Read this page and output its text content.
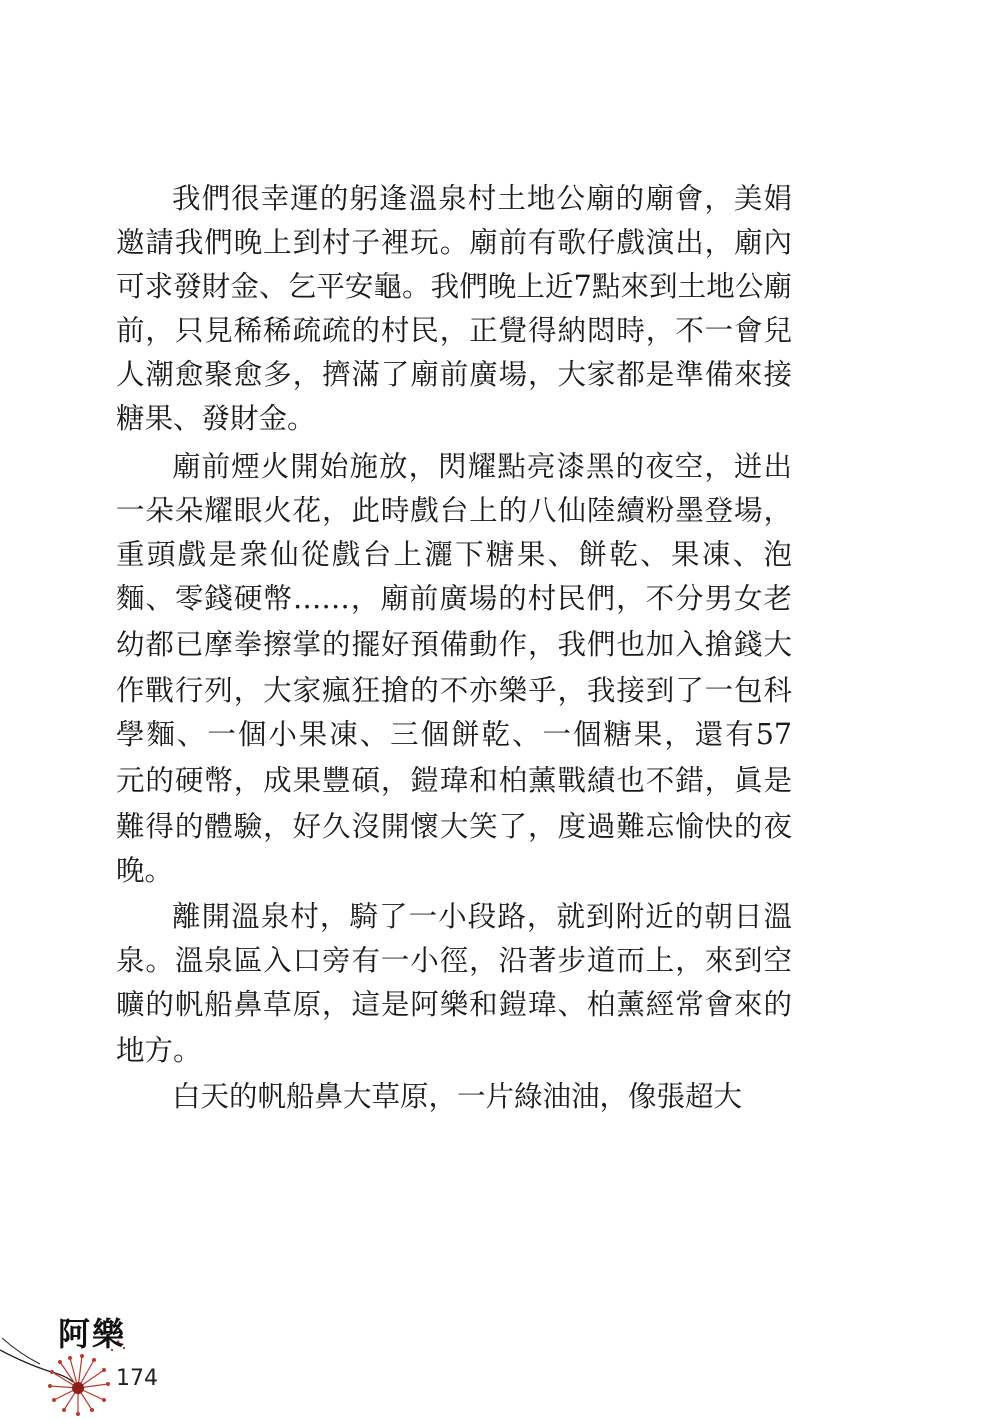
我們很幸運的躬逢溫泉村土地公廟的廟會，美娟

邀請我們晚上到村子裡玩。廟前有歌仔戲演出，廟內

可求發財金、乞平安龜。我們晚上近7點來到土地公廟

前，只見稀稀疏疏的村民，正覺得納悶時，不一會兒

人潮愈聚愈多，擠滿了廟前廣場，大家都是準備來接

糖果、發財金。

廟前煙火開始施放，閃耀點亮漆黑的夜空，迸出

一朵朵耀眼火花，此時戲台上的八仙陸續粉墨登場，

重頭戲是衆仙從戲台上灑下糖果、餅乾、果凍、泡

麵、零錢硬幣……，廟前廣場的村民們，不分男女老

幼都已摩拳擦掌的擺好預備動作，我們也加入搶錢大

作戰行列，大家瘋狂搶的不亦樂乎，我接到了一包科

學麵、一個小果凍、三個餅乾、一個糖果，還有57

元的硬幣，成果豐碩，鎧瑋和柏薰戰績也不錯，眞是

難得的體驗，好久沒開懷大笑了，度過難忘愉快的夜

晚。

離開溫泉村，騎了一小段路，就到附近的朝日溫

泉。溫泉區入口旁有一小徑，沿著步道而上，來到空

曠的帆船鼻草原，這是阿樂和鎧瑋、柏薰經常會來的

地方。

白天的帆船鼻大草原，一片綠油油，像張超大

阿樂
174
